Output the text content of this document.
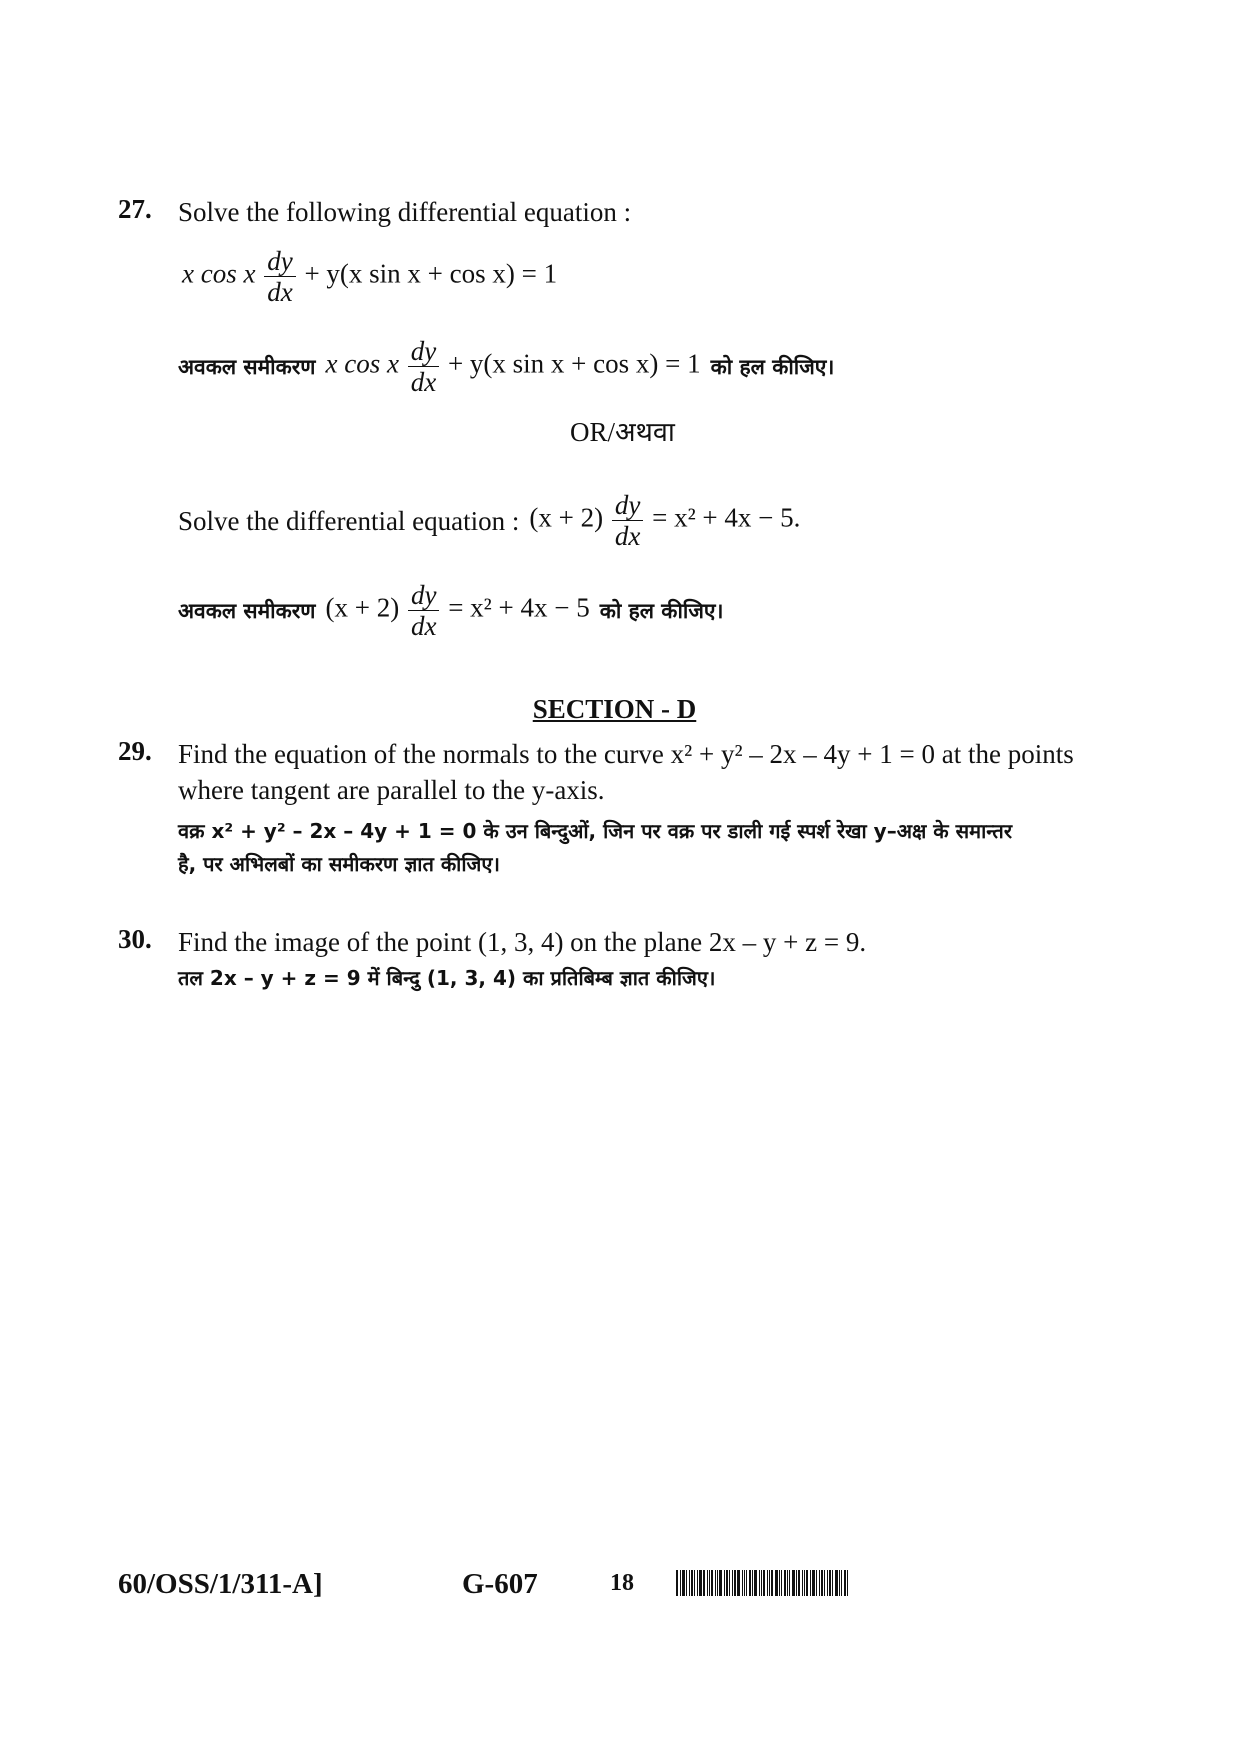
27. Solve the following differential equation :
x cos x $\frac{dy}{dx} + y(x$ sin x + cos x) = 1
अवकल समीकरण x cos x $\frac{dy}{dx} + y(x$ sin x + cos x) = 1 को हल कीजिए।
OR/अथवा
Solve the differential equation : $(x + 2) \frac{dy}{dx} = x^2 + 4x - 5$.
अवकल समीकरण $(x + 2) \frac{dy}{dx} = x^2 + 4x - 5$ को हल कीजिए।
SECTION - D
29. Find the equation of the normals to the curve x² + y² – 2x – 4y + 1 = 0 at the points
where tangent are parallel to the y-axis.
वक्र x² + y² – 2x – 4y + 1 = 0 के उन बिन्दुओं, जिन पर वक्र पर डाली गई स्पर्श रेखा y–अक्ष के समान्तर
है, पर अभिलबों का समीकरण ज्ञात कीजिए।
30. Find the image of the point (1, 3, 4) on the plane 2x – y + z = 9.
तल 2x – y + z = 9 में बिन्दु (1, 3, 4) का प्रतिबिम्ब ज्ञात कीजिए।
60/OSS/1/311-A]	G-607	18
